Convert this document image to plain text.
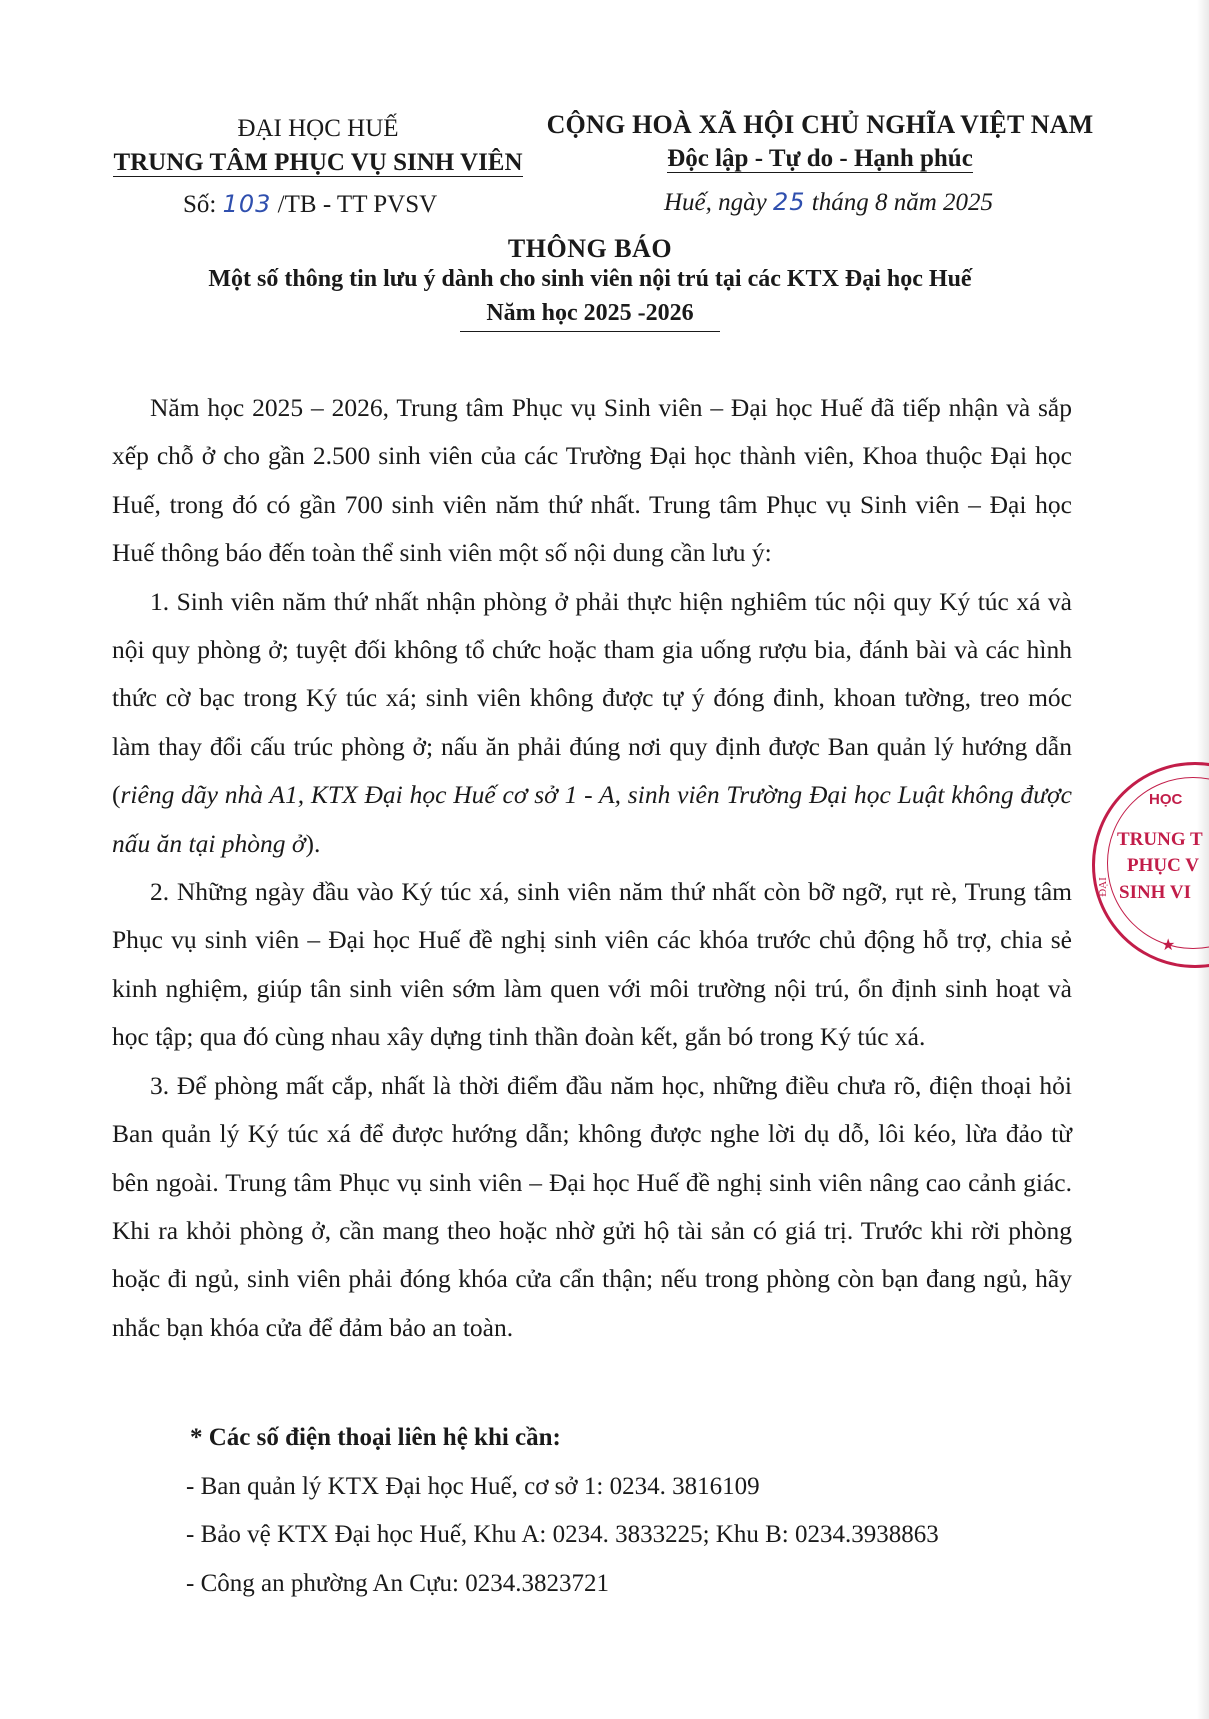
ĐẠI HỌC HUẾ
TRUNG TÂM PHỤC VỤ SINH VIÊN
CỘNG HOÀ XÃ HỘI CHỦ NGHĨA VIỆT NAM
Độc lập - Tự do - Hạnh phúc
Số: 103 /TB - TT PVSV	Huế, ngày 25 tháng 8 năm 2025
THÔNG BÁO
Một số thông tin lưu ý dành cho sinh viên nội trú tại các KTX Đại học Huế
Năm học 2025 -2026

Năm học 2025 – 2026, Trung tâm Phục vụ Sinh viên – Đại học Huế đã tiếp nhận và sắp xếp chỗ ở cho gần 2.500 sinh viên của các Trường Đại học thành viên, Khoa thuộc Đại học Huế, trong đó có gần 700 sinh viên năm thứ nhất. Trung tâm Phục vụ Sinh viên – Đại học Huế thông báo đến toàn thể sinh viên một số nội dung cần lưu ý:

1. Sinh viên năm thứ nhất nhận phòng ở phải thực hiện nghiêm túc nội quy Ký túc xá và nội quy phòng ở; tuyệt đối không tổ chức hoặc tham gia uống rượu bia, đánh bài và các hình thức cờ bạc trong Ký túc xá; sinh viên không được tự ý đóng đinh, khoan tường, treo móc làm thay đổi cấu trúc phòng ở; nấu ăn phải đúng nơi quy định được Ban quản lý hướng dẫn (riêng dãy nhà A1, KTX Đại học Huế cơ sở 1 - A, sinh viên Trường Đại học Luật không được nấu ăn tại phòng ở).

2. Những ngày đầu vào Ký túc xá, sinh viên năm thứ nhất còn bỡ ngỡ, rụt rè, Trung tâm Phục vụ sinh viên – Đại học Huế đề nghị sinh viên các khóa trước chủ động hỗ trợ, chia sẻ kinh nghiệm, giúp tân sinh viên sớm làm quen với môi trường nội trú, ổn định sinh hoạt và học tập; qua đó cùng nhau xây dựng tinh thần đoàn kết, gắn bó trong Ký túc xá.

3. Để phòng mất cắp, nhất là thời điểm đầu năm học, những điều chưa rõ, điện thoại hỏi Ban quản lý Ký túc xá để được hướng dẫn; không được nghe lời dụ dỗ, lôi kéo, lừa đảo từ bên ngoài. Trung tâm Phục vụ sinh viên – Đại học Huế đề nghị sinh viên nâng cao cảnh giác. Khi ra khỏi phòng ở, cần mang theo hoặc nhờ gửi hộ tài sản có giá trị. Trước khi rời phòng hoặc đi ngủ, sinh viên phải đóng khóa cửa cẩn thận; nếu trong phòng còn bạn đang ngủ, hãy nhắc bạn khóa cửa để đảm bảo an toàn.

* Các số điện thoại liên hệ khi cần:
- Ban quản lý KTX Đại học Huế, cơ sở 1: 0234. 3816109
- Bảo vệ KTX Đại học Huế, Khu A: 0234. 3833225; Khu B: 0234.3938863
- Công an phường An Cựu: 0234.3823721
HỌC
ĐẠI
TRUNG T
PHỤC V
SINH VI
★
